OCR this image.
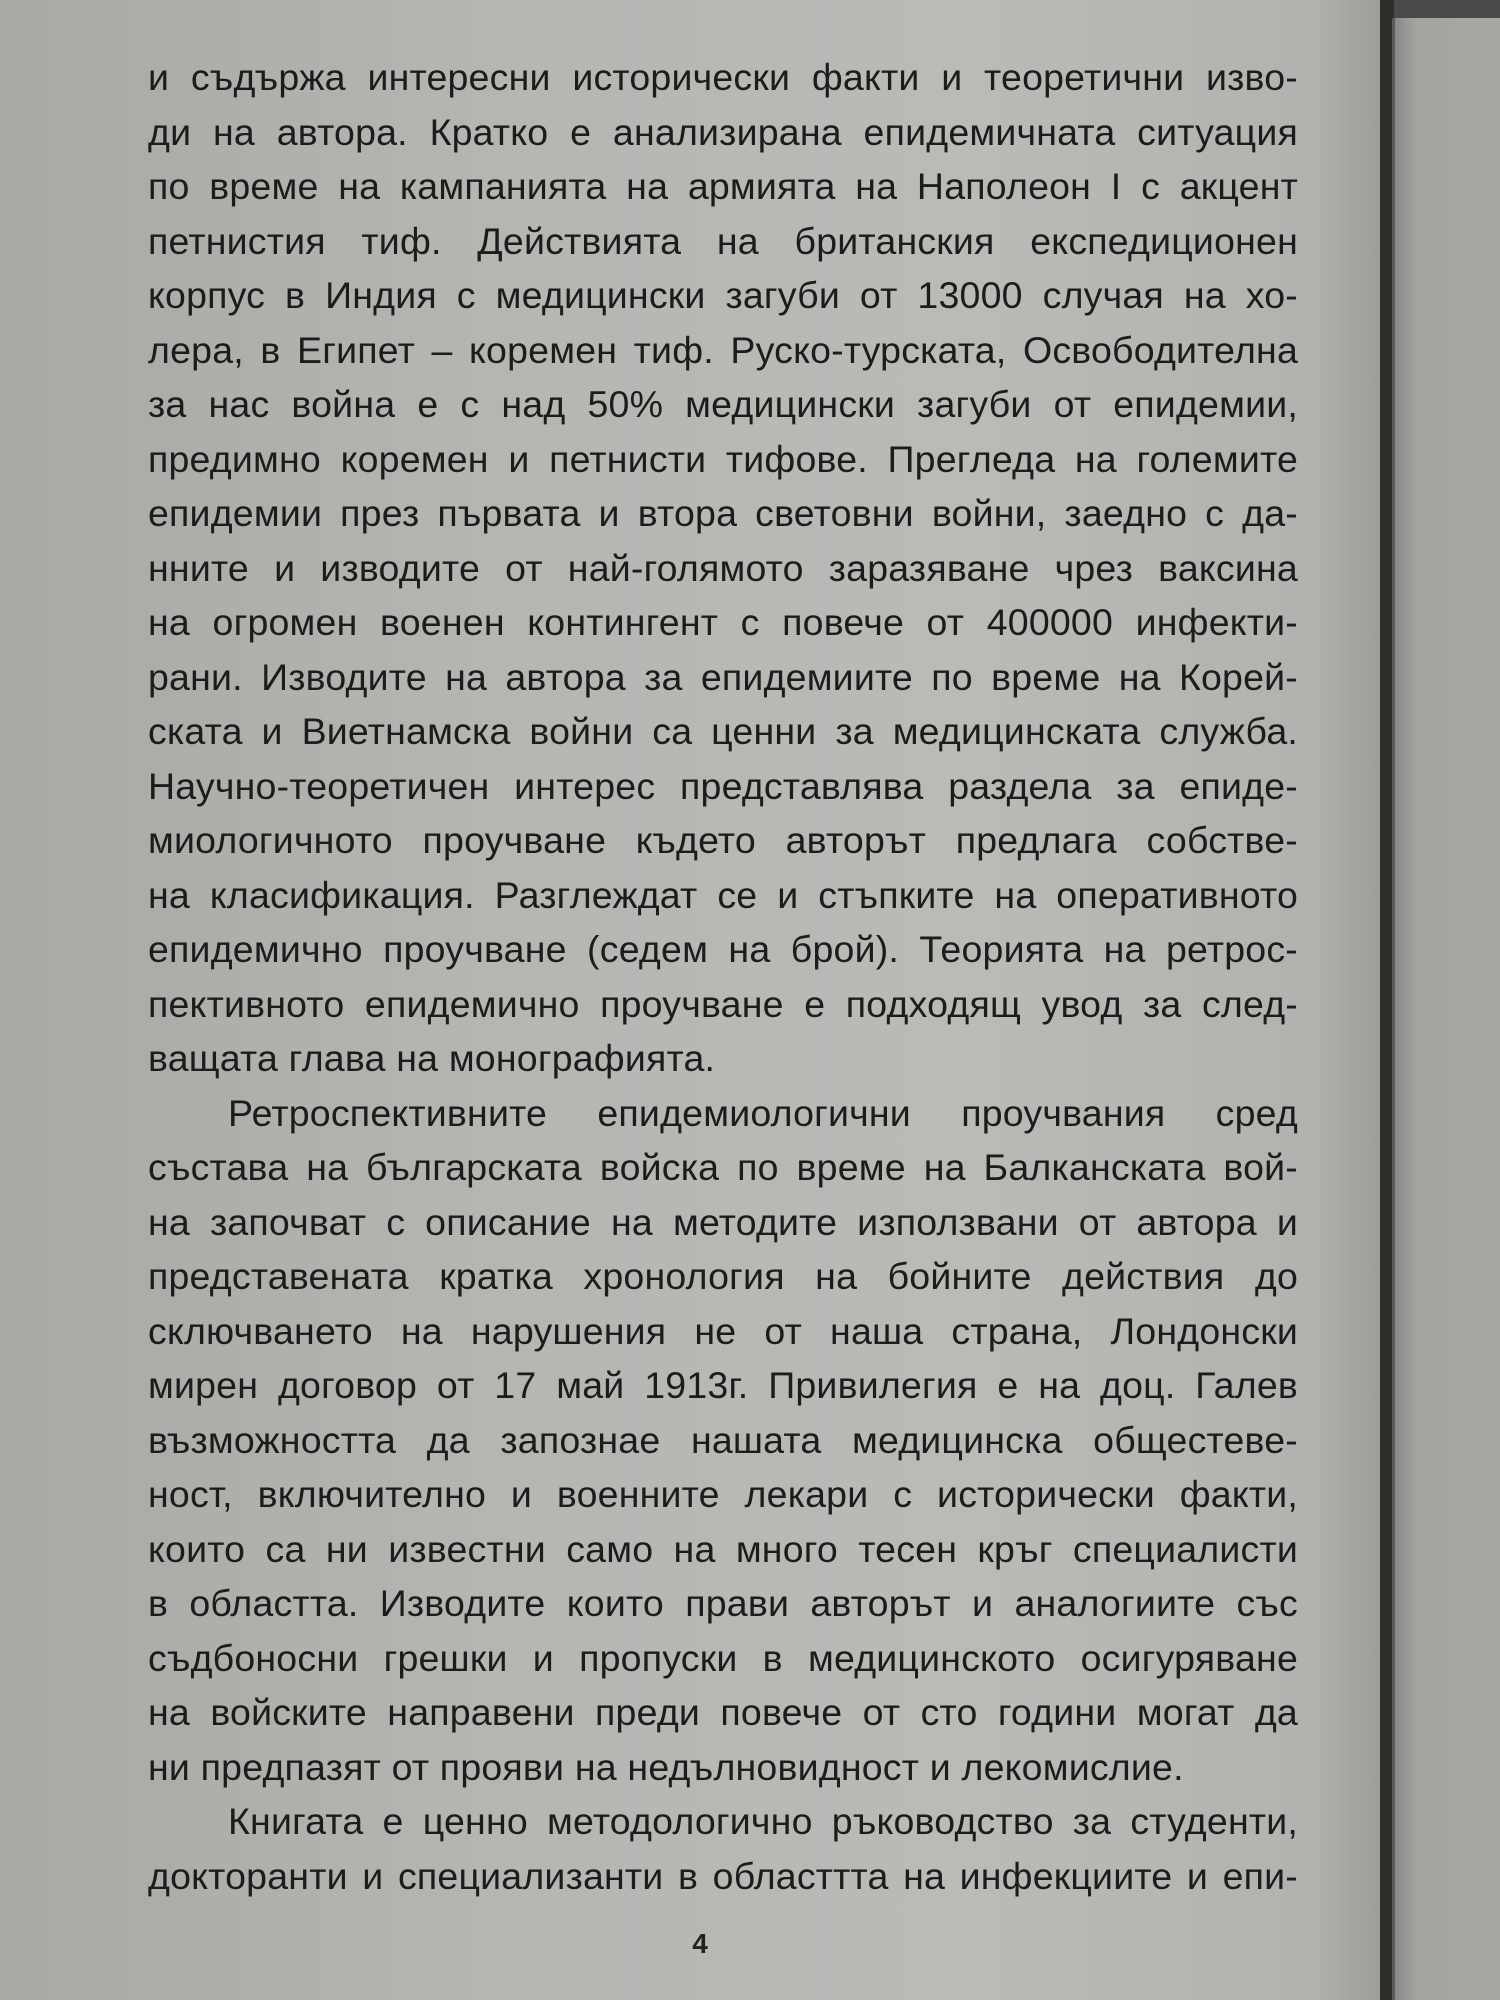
и съдържа интересни исторически факти и теоретични изво-
ди на автора. Кратко е анализирана епидемичната ситуация
по време на кампанията на армията на Наполеон I с акцент
петнистия тиф. Действията на британския експедиционен
корпус в Индия с медицински загуби от 13000 случая на хо-
лера, в Египет – коремен тиф. Руско-турската, Освободителна
за нас война е с над 50% медицински загуби от епидемии,
предимно коремен и петнисти тифове. Прегледа на големите
епидемии през първата и втора световни войни, заедно с да-
нните и изводите от най-голямото заразяване чрез ваксина
на огромен военен контингент с повече от 400000 инфекти-
рани. Изводите на автора за епидемиите по време на Корей-
ската и Виетнамска войни са ценни за медицинската служба.
Научно-теоретичен интерес представлява раздела за епиде-
миологичното проучване където авторът предлага собстве-
на класификация. Разглеждат се и стъпките на оперативното
епидемично проучване (седем на брой). Теорията на ретрос-
пективното епидемично проучване е подходящ увод за след-
ващата глава на монографията.
Ретроспективните епидемиологични проучвания сред
състава на българската войска по време на Балканската вой-
на започват с описание на методите използвани от автора и
представената кратка хронология на бойните действия до
сключването на нарушения не от наша страна, Лондонски
мирен договор от 17 май 1913г. Привилегия е на доц. Галев
възможността да запознае нашата медицинска общестеве-
ност, включително и военните лекари с исторически факти,
които са ни известни само на много тесен кръг специалисти
в областта. Изводите които прави авторът и аналогиите със
съдбоносни грешки и пропуски в медицинското осигуряване
на войските направени преди повече от сто години могат да
ни предпазят от прояви на недълновидност и лекомислие.
Книгата е ценно методологично ръководство за студенти,
докторанти и специализанти в областтта на инфекциите и епи-
4
